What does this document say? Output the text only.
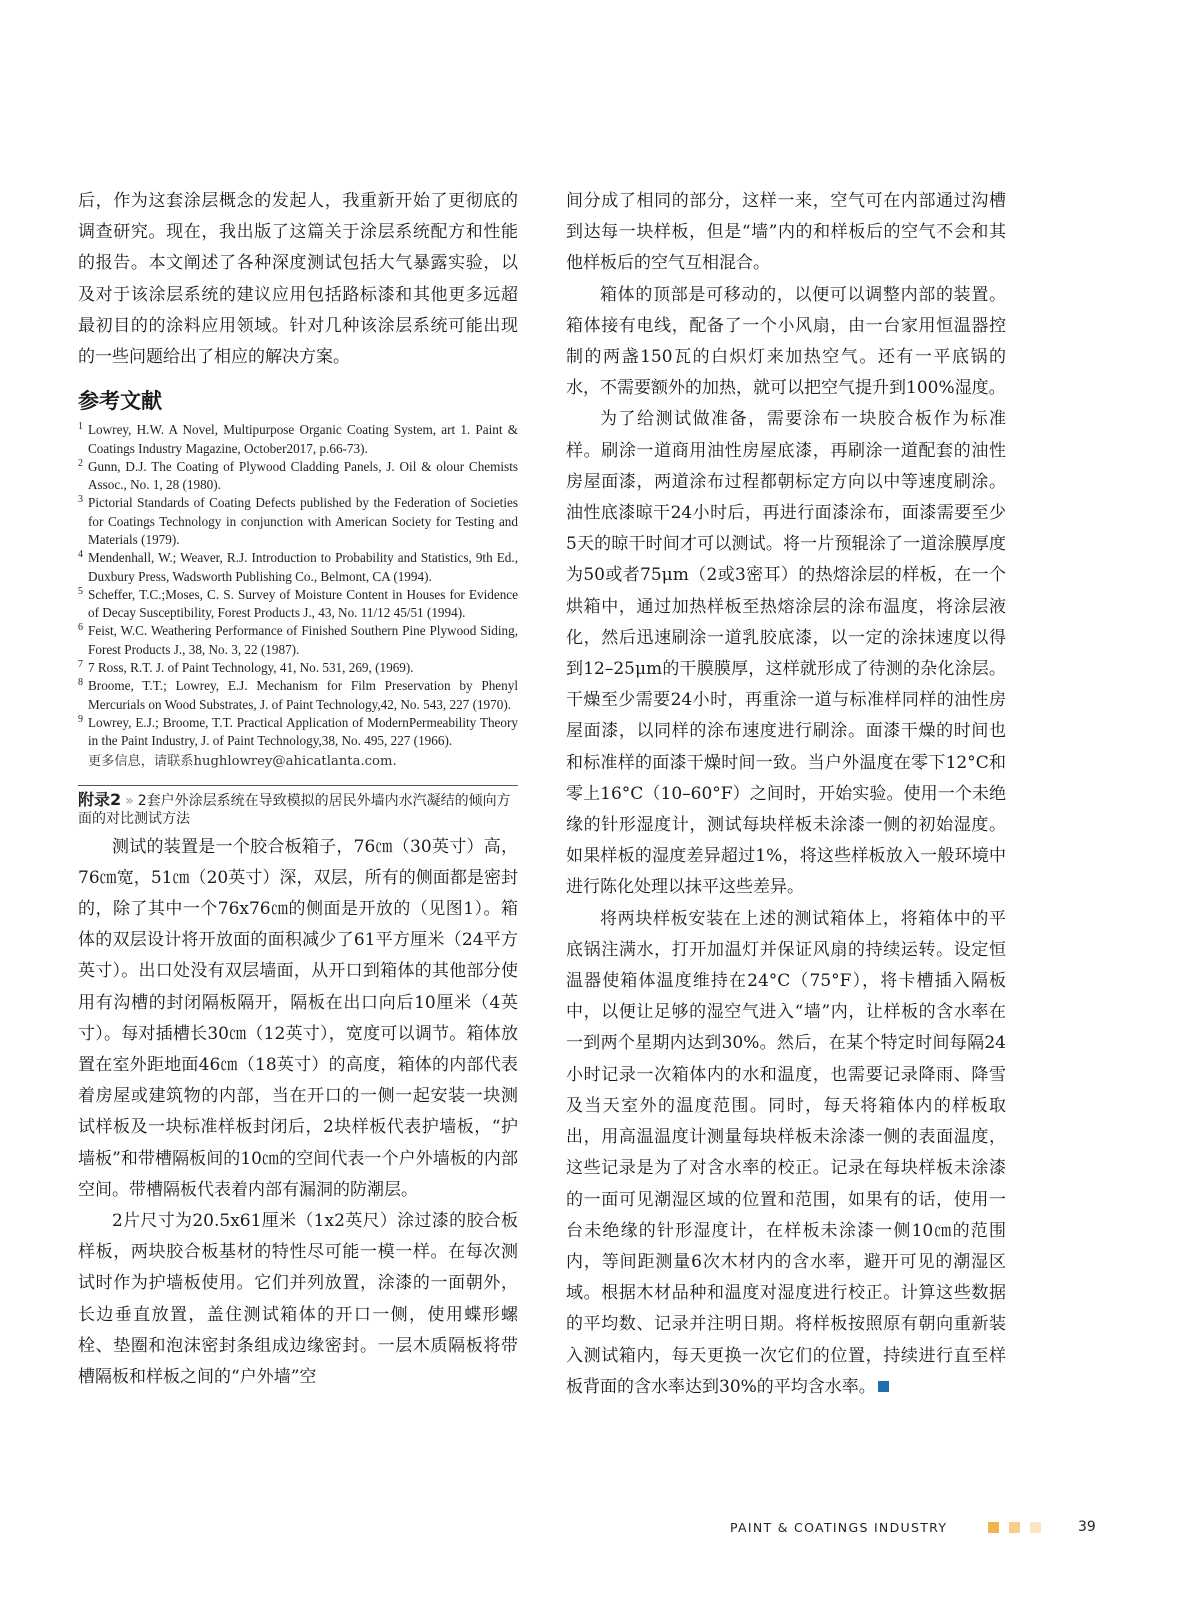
后，作为这套涂层概念的发起人，我重新开始了更彻底的调查研究。现在，我出版了这篇关于涂层系统配方和性能的报告。本文阐述了各种深度测试包括大气暴露实验，以及对于该涂层系统的建议应用包括路标漆和其他更多远超最初目的的涂料应用领域。针对几种该涂层系统可能出现的一些问题给出了相应的解决方案。

参考文献
1 Lowrey, H.W. A Novel, Multipurpose Organic Coating System, art 1. Paint & Coatings Industry Magazine, October2017, p.66-73).
2 Gunn, D.J. The Coating of Plywood Cladding Panels, J. Oil & olour Chemists Assoc., No. 1, 28 (1980).
3 Pictorial Standards of Coating Defects published by the Federation of Societies for Coatings Technology in conjunction with American Society for Testing and Materials (1979).
4 Mendenhall, W.; Weaver, R.J. Introduction to Probability and Statistics, 9th Ed., Duxbury Press, Wadsworth Publishing Co., Belmont, CA (1994).
5 Scheffer, T.C.;Moses, C. S. Survey of Moisture Content in Houses for Evidence of Decay Susceptibility, Forest Products J., 43, No. 11/12 45/51 (1994).
6 Feist, W.C. Weathering Performance of Finished Southern Pine Plywood Siding, Forest Products J., 38, No. 3, 22 (1987).
7 7 Ross, R.T. J. of Paint Technology, 41, No. 531, 269, (1969).
8 Broome, T.T.; Lowrey, E.J. Mechanism for Film Preservation by Phenyl Mercurials on Wood Substrates, J. of Paint Technology,42, No. 543, 227 (1970).
9 Lowrey, E.J.; Broome, T.T. Practical Application of ModernPermeability Theory in the Paint Industry, J. of Paint Technology,38, No. 495, 227 (1966).
更多信息，请联系hughlowrey@ahicatlanta.com.
附录2 » 2套户外涂层系统在导致模拟的居民外墙内水汽凝结的倾向方面的对比测试方法

测试的装置是一个胶合板箱子，76㎝（30英寸）高，76㎝宽，51㎝（20英寸）深，双层，所有的侧面都是密封的，除了其中一个76x76㎝的侧面是开放的（见图1）。箱体的双层设计将开放面的面积减少了61平方厘米（24平方英寸）。出口处没有双层墙面，从开口到箱体的其他部分使用有沟槽的封闭隔板隔开，隔板在出口向后10厘米（4英寸）。每对插槽长30㎝（12英寸），宽度可以调节。箱体放置在室外距地面46㎝（18英寸）的高度，箱体的内部代表着房屋或建筑物的内部，当在开口的一侧一起安装一块测试样板及一块标准样板封闭后，2块样板代表护墙板，“护墙板”和带槽隔板间的10㎝的空间代表一个户外墙板的内部空间。带槽隔板代表着内部有漏洞的防潮层。

2片尺寸为20.5x61厘米（1x2英尺）涂过漆的胶合板样板，两块胶合板基材的特性尽可能一模一样。在每次测试时作为护墙板使用。它们并列放置，涂漆的一面朝外，长边垂直放置，盖住测试箱体的开口一侧，使用蝶形螺栓、垫圈和泡沫密封条组成边缘密封。一层木质隔板将带槽隔板和样板之间的“户外墙”空

间分成了相同的部分，这样一来，空气可在内部通过沟槽到达每一块样板，但是“墙”内的和样板后的空气不会和其他样板后的空气互相混合。

箱体的顶部是可移动的，以便可以调整内部的装置。箱体接有电线，配备了一个小风扇，由一台家用恒温器控制的两盏150瓦的白炽灯来加热空气。还有一平底锅的水，不需要额外的加热，就可以把空气提升到100%湿度。

为了给测试做准备，需要涂布一块胶合板作为标准样。刷涂一道商用油性房屋底漆，再刷涂一道配套的油性房屋面漆，两道涂布过程都朝标定方向以中等速度刷涂。油性底漆晾干24小时后，再进行面漆涂布，面漆需要至少5天的晾干时间才可以测试。将一片预辊涂了一道涂膜厚度为50或者75μm（2或3密耳）的热熔涂层的样板，在一个烘箱中，通过加热样板至热熔涂层的涂布温度，将涂层液化，然后迅速刷涂一道乳胶底漆，以一定的涂抹速度以得到12–25μm的干膜膜厚，这样就形成了待测的杂化涂层。干燥至少需要24小时，再重涂一道与标准样同样的油性房屋面漆，以同样的涂布速度进行刷涂。面漆干燥的时间也和标准样的面漆干燥时间一致。当户外温度在零下12°C和零上16°C（10–60°F）之间时，开始实验。使用一个未绝缘的针形湿度计，测试每块样板未涂漆一侧的初始湿度。如果样板的湿度差异超过1%，将这些样板放入一般环境中进行陈化处理以抹平这些差异。

将两块样板安装在上述的测试箱体上，将箱体中的平底锅注满水，打开加温灯并保证风扇的持续运转。设定恒温器使箱体温度维持在24°C（75°F），将卡槽插入隔板中，以便让足够的湿空气进入“墙”内，让样板的含水率在一到两个星期内达到30%。然后，在某个特定时间每隔24小时记录一次箱体内的水和温度，也需要记录降雨、降雪及当天室外的温度范围。同时，每天将箱体内的样板取出，用高温温度计测量每块样板未涂漆一侧的表面温度，这些记录是为了对含水率的校正。记录在每块样板未涂漆的一面可见潮湿区域的位置和范围，如果有的话，使用一台未绝缘的针形湿度计，在样板未涂漆一侧10㎝的范围内，等间距测量6次木材内的含水率，避开可见的潮湿区域。根据木材品种和温度对湿度进行校正。计算这些数据的平均数、记录并注明日期。将样板按照原有朝向重新装入测试箱内，每天更换一次它们的位置，持续进行直至样板背面的含水率达到30%的平均含水率。

PAINT & COATINGS INDUSTRY	39
